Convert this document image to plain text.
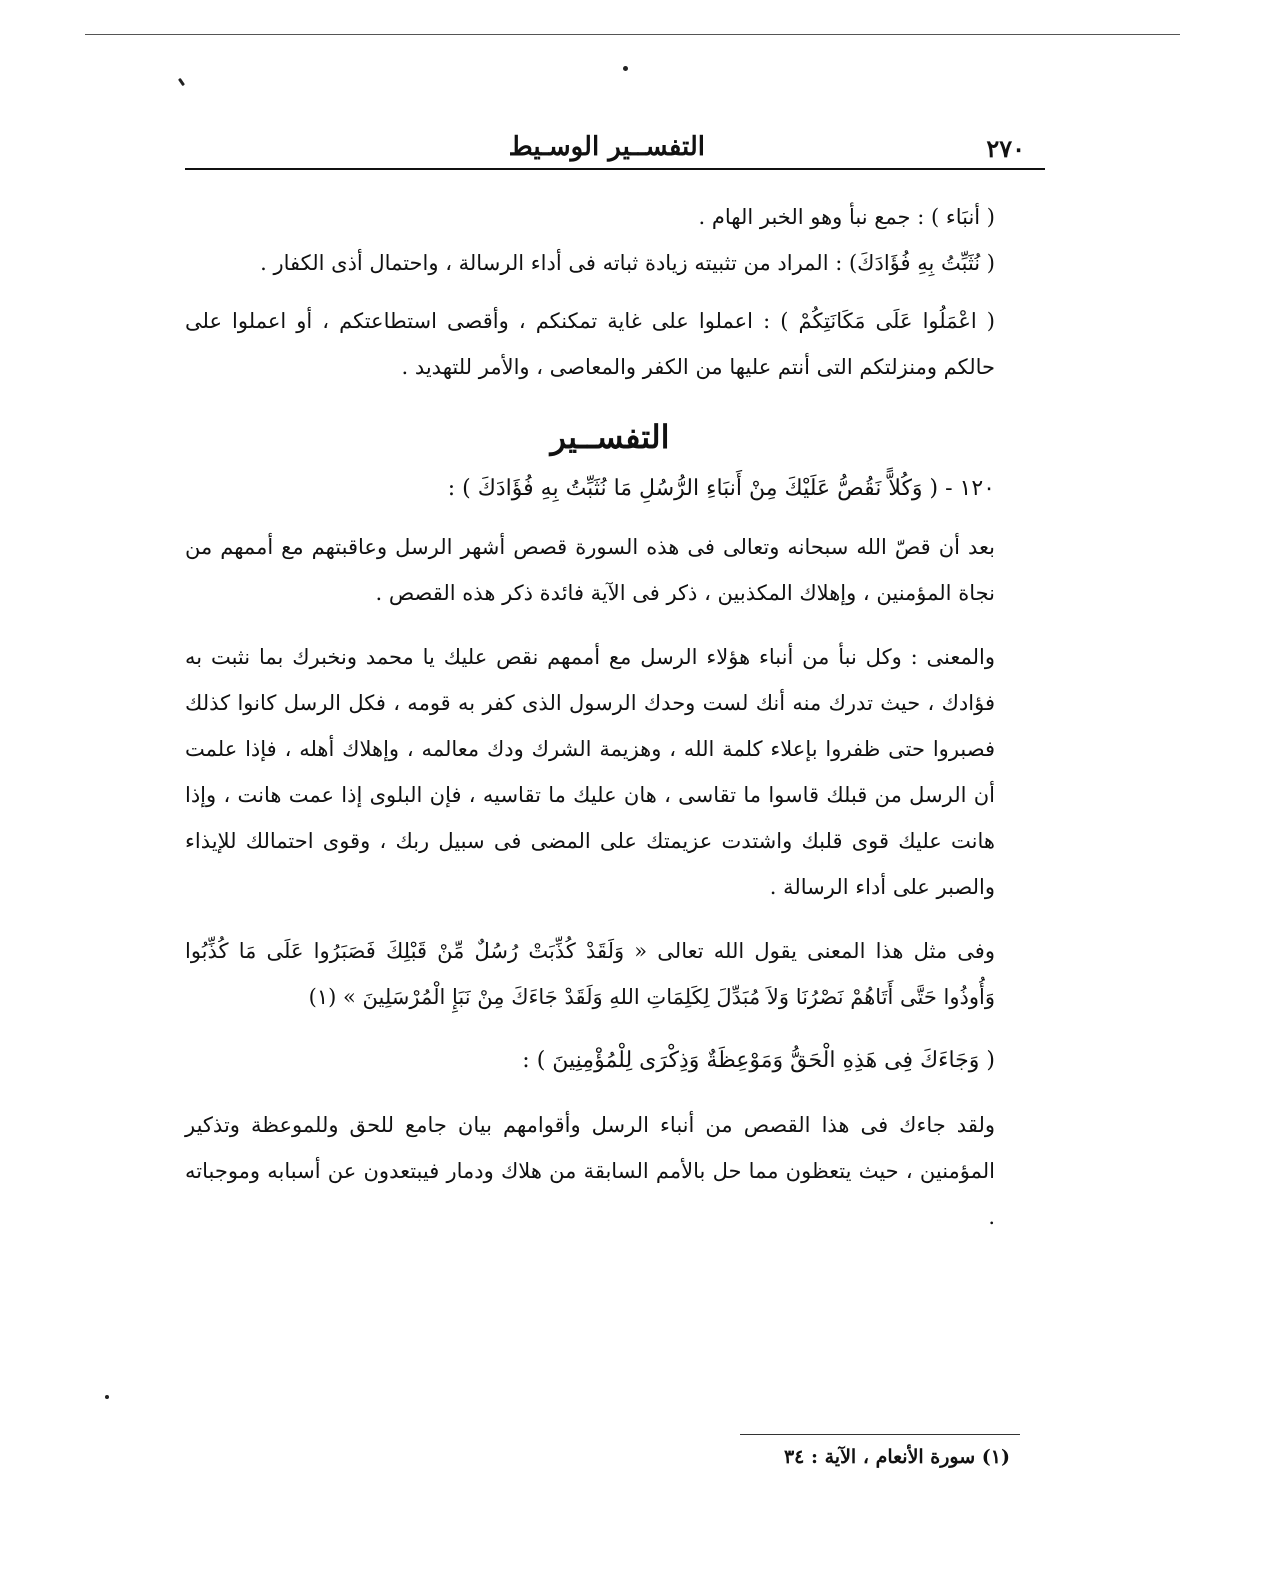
٢٧٠
التفســير الوسـيط

( أنبَاء ) : جمع نبأ وهو الخبر الهام .

( نُثَبِّتُ بِهِ فُؤَادَكَ) : المراد من تثبيته زيادة ثباته فى أداء الرسالة ، واحتمال أذى الكفار .

( اعْمَلُوا عَلَى مَكَانَتِكُمْ ) : اعملوا على غاية تمكنكم ، وأقصى استطاعتكم ، أو اعملوا على حالكم ومنزلتكم التى أنتم عليها من الكفر والمعاصى ، والأمر للتهديد .

التفســير

١٢٠ - ( وَكُلاًّ نَقُصُّ عَلَيْكَ مِنْ أَنبَاءِ الرُّسُلِ مَا نُثَبِّتُ بِهِ فُؤَادَكَ ) :

بعد أن قصّ الله سبحانه وتعالى فى هذه السورة قصص أشهر الرسل وعاقبتهم مع أممهم من نجاة المؤمنين ، وإهلاك المكذبين ، ذكر فى الآية فائدة ذكر هذه القصص .

والمعنى : وكل نبأ من أنباء هؤلاء الرسل مع أممهم نقص عليك يا محمد ونخبرك بما نثبت به فؤادك ، حيث تدرك منه أنك لست وحدك الرسول الذى كفر به قومه ، فكل الرسل كانوا كذلك فصبروا حتى ظفروا بإعلاء كلمة الله ، وهزيمة الشرك ودك معالمه ، وإهلاك أهله ، فإذا علمت أن الرسل من قبلك قاسوا ما تقاسى ، هان عليك ما تقاسيه ، فإن البلوى إذا عمت هانت ، وإذا هانت عليك قوى قلبك واشتدت عزيمتك على المضى فى سبيل ربك ، وقوى احتمالك للإيذاء والصبر على أداء الرسالة .

وفى مثل هذا المعنى يقول الله تعالى « وَلَقَدْ كُذِّبَتْ رُسُلٌ مِّنْ قَبْلِكَ فَصَبَرُوا عَلَى مَا كُذِّبُوا وَأُوذُوا حَتَّى أَتَاهُمْ نَصْرُنَا وَلاَ مُبَدِّلَ لِكَلِمَاتِ اللهِ وَلَقَدْ جَاءَكَ مِنْ نَبَإِ الْمُرْسَلِينَ » (١)

( وَجَاءَكَ فِى هَذِهِ الْحَقُّ وَمَوْعِظَةٌ وَذِكْرَى لِلْمُؤْمِنِينَ ) :

ولقد جاءك فى هذا القصص من أنباء الرسل وأقوامهم بيان جامع للحق وللموعظة وتذكير المؤمنين ، حيث يتعظون مما حل بالأمم السابقة من هلاك ودمار فيبتعدون عن أسبابه وموجباته .

(١) سورة الأنعام ، الآية : ٣٤
